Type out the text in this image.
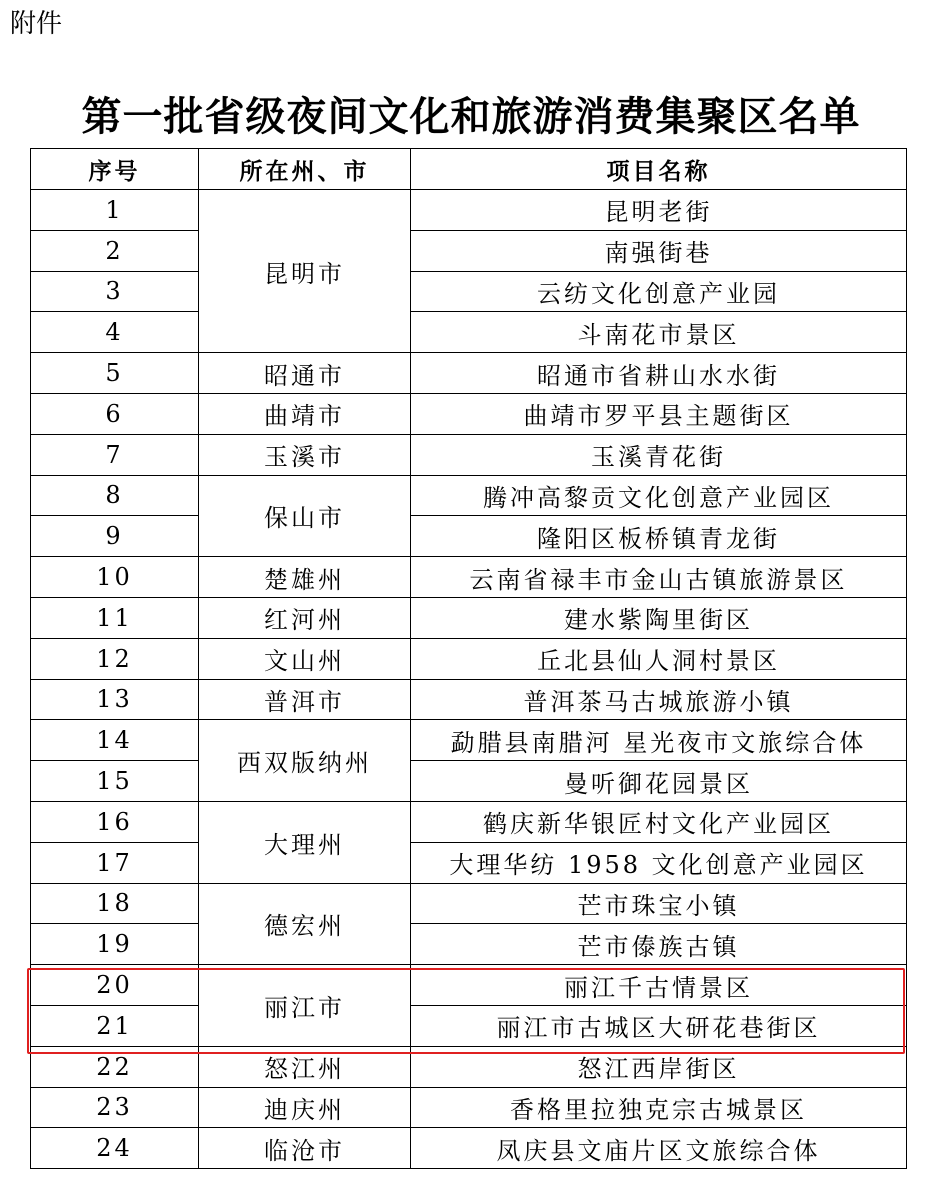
附件
第一批省级夜间文化和旅游消费集聚区名单
序号	所在州、市	项目名称
1	昆明市	昆明老街
2		南强街巷
3		云纺文化创意产业园
4		斗南花市景区
5	昭通市	昭通市省耕山水水街
6	曲靖市	曲靖市罗平县主题街区
7	玉溪市	玉溪青花街
8	保山市	腾冲高黎贡文化创意产业园区
9		隆阳区板桥镇青龙街
10	楚雄州	云南省禄丰市金山古镇旅游景区
11	红河州	建水紫陶里街区
12	文山州	丘北县仙人洞村景区
13	普洱市	普洱茶马古城旅游小镇
14	西双版纳州	勐腊县南腊河 星光夜市文旅综合体
15		曼听御花园景区
16	大理州	鹤庆新华银匠村文化产业园区
17		大理华纺 1958 文化创意产业园区
18	德宏州	芒市珠宝小镇
19		芒市傣族古镇
20	丽江市	丽江千古情景区
21		丽江市古城区大研花巷街区
22	怒江州	怒江西岸街区
23	迪庆州	香格里拉独克宗古城景区
24	临沧市	凤庆县文庙片区文旅综合体
